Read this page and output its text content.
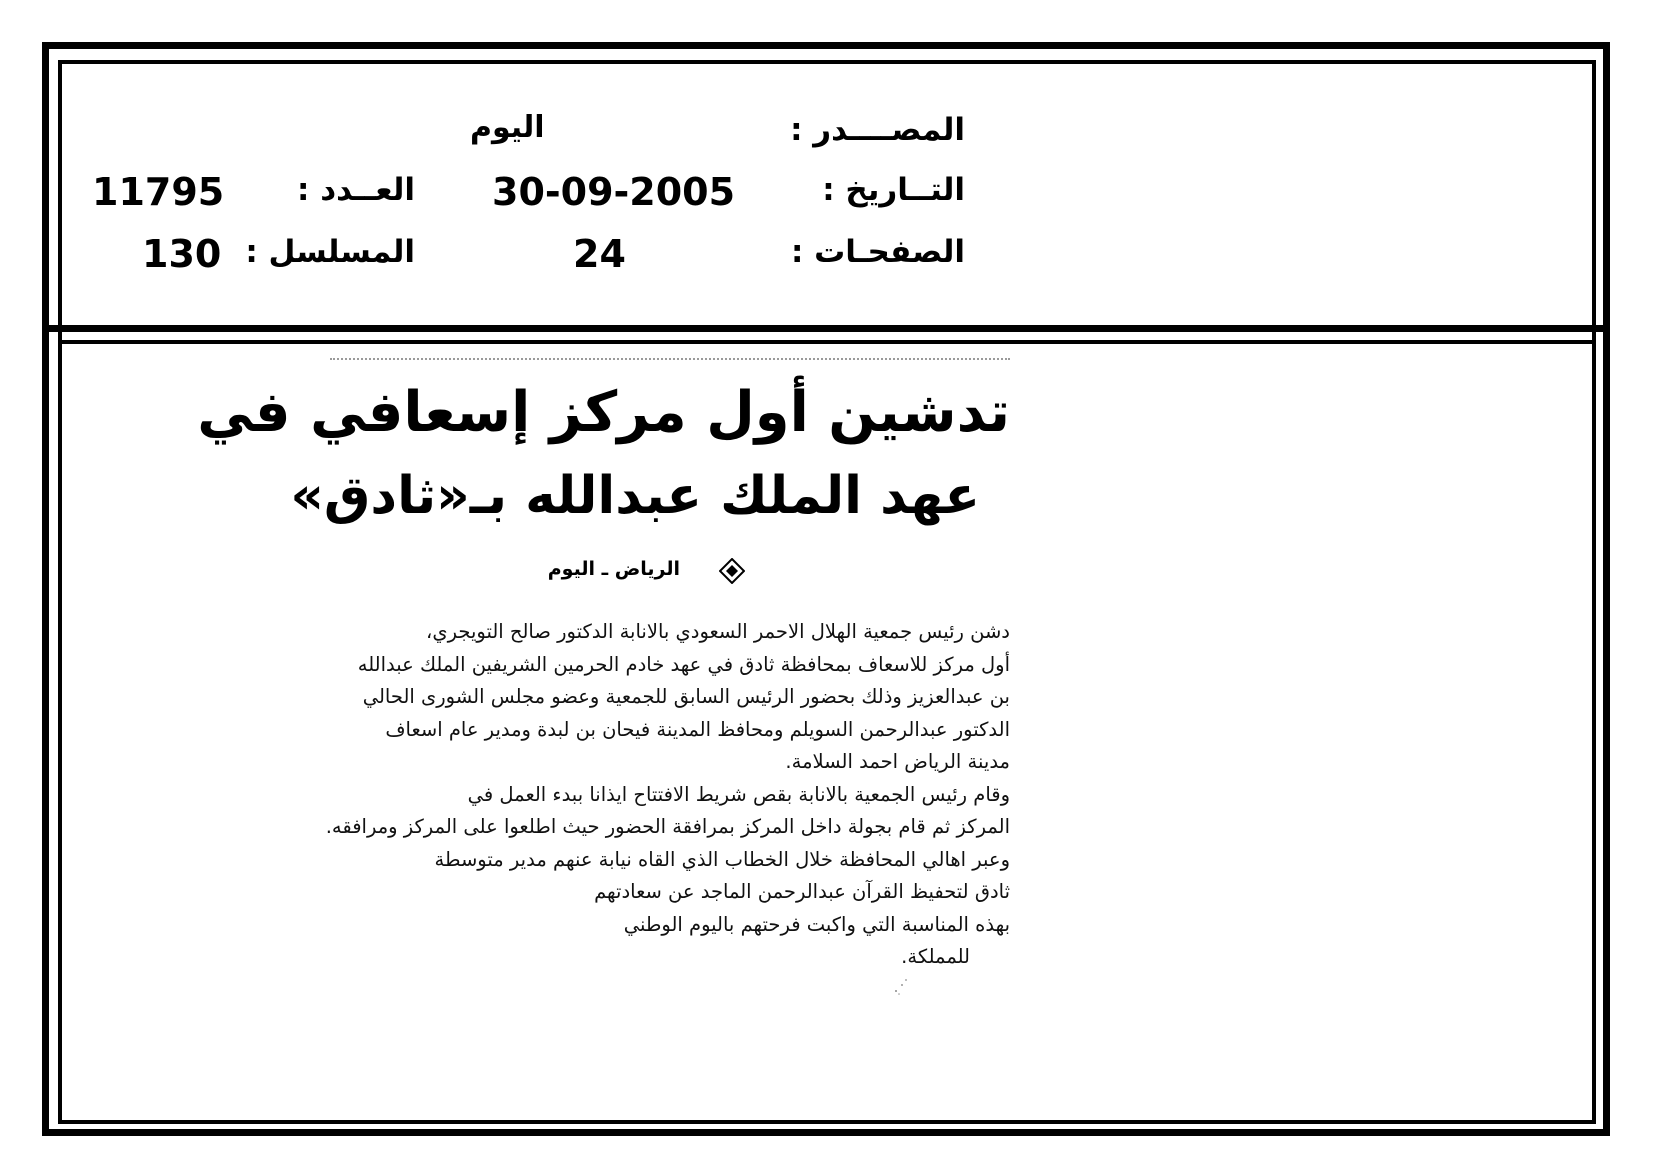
المصــــدر :
اليوم
التــاريخ :
30-09-2005
العــدد :
11795
الصفحـات :
24
المسلسل :
130
تدشين أول مركز إسعافي في
عهد الملك عبدالله بـ«ثادق»
الرياض ـ اليوم

دشن رئيس جمعية الهلال الاحمر السعودي بالانابة الدكتور صالح التويجري،

أول مركز للاسعاف بمحافظة ثادق في عهد خادم الحرمين الشريفين الملك عبدالله

بن عبدالعزيز وذلك بحضور الرئيس السابق للجمعية وعضو مجلس الشورى الحالي

الدكتور عبدالرحمن السويلم ومحافظ المدينة فيحان بن لبدة ومدير عام اسعاف

مدينة الرياض احمد السلامة.

وقام رئيس الجمعية بالانابة بقص شريط الافتتاح ايذانا ببدء العمل في

المركز ثم قام بجولة داخل المركز بمرافقة الحضور حيث اطلعوا على المركز ومرافقه.

وعبر اهالي المحافظة خلال الخطاب الذي القاه نيابة عنهم مدير متوسطة

ثادق لتحفيظ القرآن عبدالرحمن الماجد عن سعادتهم

بهذه المناسبة التي واكبت فرحتهم باليوم الوطني

للمملكة.
